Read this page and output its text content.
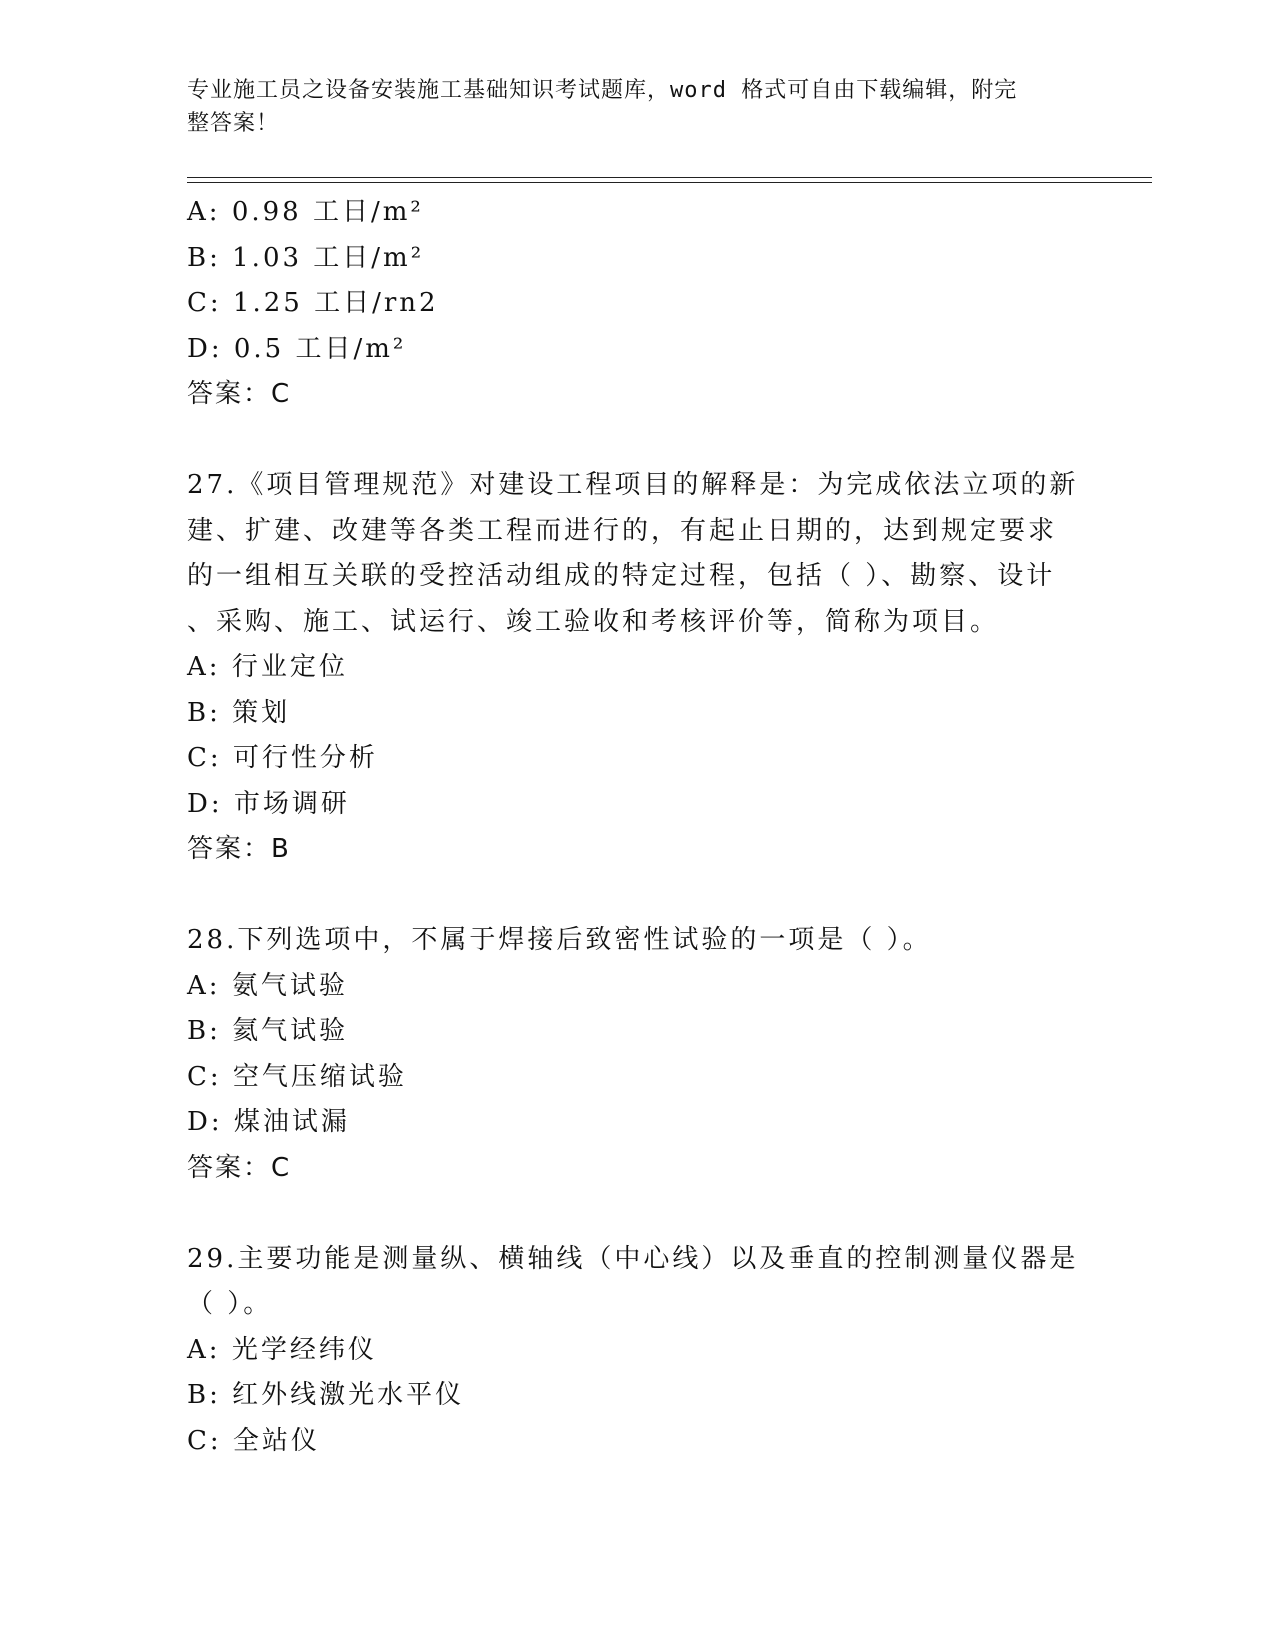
专业施工员之设备安装施工基础知识考试题库，word 格式可自由下载编辑，附完
整答案！
A: 0.98 工日/m²
B: 1.03 工日/m²
C: 1.25 工日/rn2
D: 0.5 工日/m²
答案：C
27.《项目管理规范》对建设工程项目的解释是：为完成依法立项的新
建、扩建、改建等各类工程而进行的，有起止日期的，达到规定要求
的一组相互关联的受控活动组成的特定过程，包括（ ）、勘察、设计
、采购、施工、试运行、竣工验收和考核评价等，简称为项目。
A: 行业定位
B: 策划
C: 可行性分析
D: 市场调研
答案：B
28.下列选项中，不属于焊接后致密性试验的一项是（ ）。
A: 氨气试验
B: 氦气试验
C: 空气压缩试验
D: 煤油试漏
答案：C
29.主要功能是测量纵、横轴线（中心线）以及垂直的控制测量仪器是
（ ）。
A: 光学经纬仪
B: 红外线激光水平仪
C: 全站仪
